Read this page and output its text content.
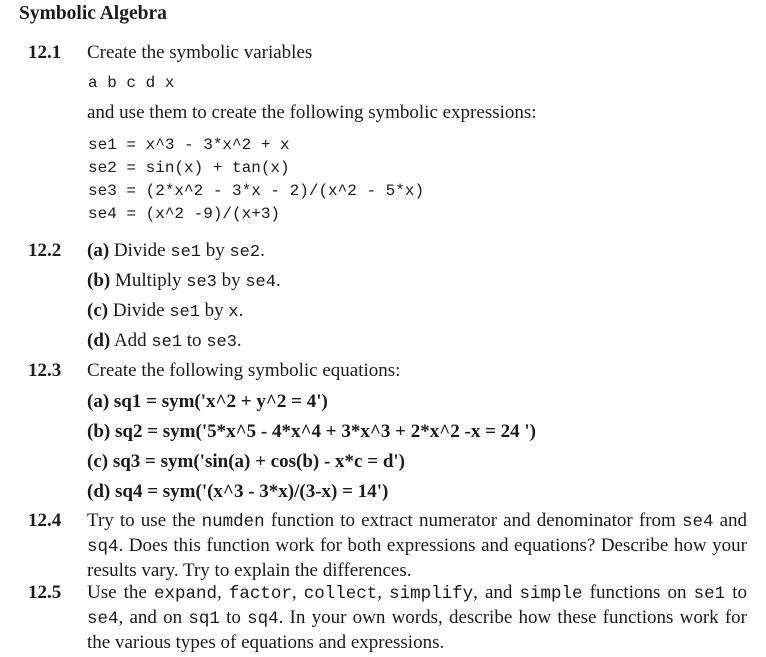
Symbolic Algebra
12.1 Create the symbolic variables
a b c d x
and use them to create the following symbolic expressions:
se1 = x^3 - 3*x^2 + x
se2 = sin(x) + tan(x)
se3 = (2*x^2 - 3*x - 2)/(x^2 - 5*x)
se4 = (x^2 -9)/(x+3)
12.2 (a) Divide se1 by se2.
(b) Multiply se3 by se4.
(c) Divide se1 by x.
(d) Add se1 to se3.
12.3 Create the following symbolic equations:
(a) sq1 = sym('x^2 + y^2 = 4')
(b) sq2 = sym('5*x^5 - 4*x^4 + 3*x^3 + 2*x^2 -x = 24 ')
(c) sq3 = sym('sin(a) + cos(b) - x*c = d')
(d) sq4 = sym('(x^3 - 3*x)/(3-x) = 14')
12.4 Try to use the numden function to extract numerator and denominator from se4 and sq4. Does this function work for both expressions and equations? Describe how your results vary. Try to explain the differences.
12.5 Use the expand, factor, collect, simplify, and simple functions on se1 to se4, and on sq1 to sq4. In your own words, describe how these functions work for the various types of equations and expressions.
